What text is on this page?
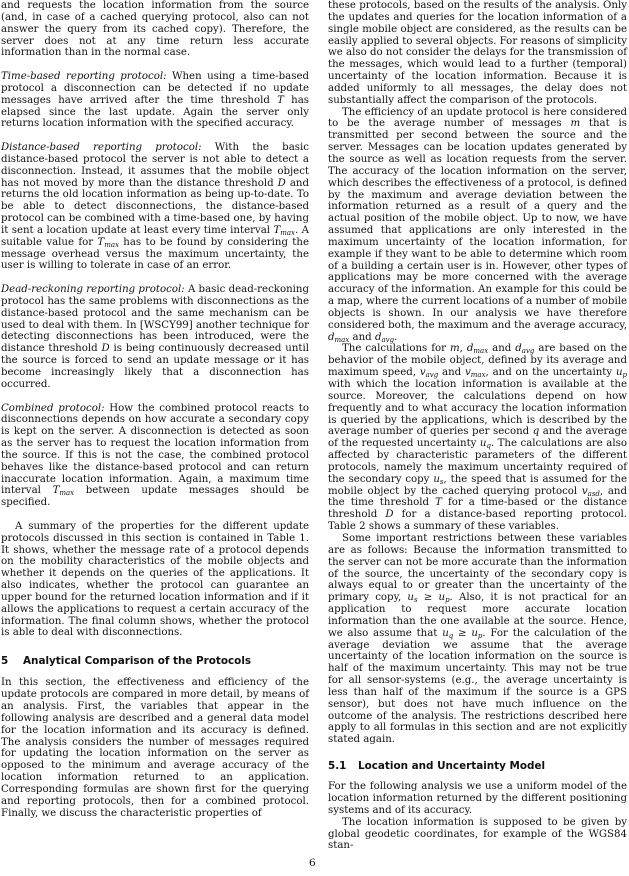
and requests the location information from the source (and, in case of a cached querying protocol, also can not answer the query from its cached copy). Therefore, the server does not at any time return less accurate information than in the normal case.

Time-based reporting protocol: When using a time-based protocol a disconnection can be detected if no update messages have arrived after the time threshold T has elapsed since the last update. Again the server only returns location information with the specified accuracy.

Distance-based reporting protocol: With the basic distance-based protocol the server is not able to detect a disconnection. Instead, it assumes that the mobile object has not moved by more than the distance threshold D and returns the old location information as being up-to-date. To be able to detect disconnections, the distance-based protocol can be combined with a time-based one, by having it sent a location update at least every time interval $T_{max}$. A suitable value for $T_{max}$ has to be found by considering the message overhead versus the maximum uncertainty, the user is willing to tolerate in case of an error.

Dead-reckoning reporting protocol: A basic dead-reckoning protocol has the same problems with disconnections as the distance-based protocol and the same mechanism can be used to deal with them. In [WSCY99] another technique for detecting disconnections has been introduced, were the distance threshold D is being continuously decreased until the source is forced to send an update message or it has become increasingly likely that a disconnection has occurred.

Combined protocol: How the combined protocol reacts to disconnections depends on how accurate a secondary copy is kept on the server. A disconnection is detected as soon as the server has to request the location information from the source. If this is not the case, the combined protocol behaves like the distance-based protocol and can return inaccurate location information. Again, a maximum time interval $T_{max}$ between update messages should be specified.

A summary of the properties for the different update protocols discussed in this section is contained in Table 1. It shows, whether the message rate of a protocol depends on the mobility characteristics of the mobile objects and whether it depends on the queries of the applications. It also indicates, whether the protocol can guarantee an upper bound for the returned location information and if it allows the applications to request a certain accuracy of the information. The final column shows, whether the protocol is able to deal with disconnections.

5 Analytical Comparison of the Protocols

In this section, the effectiveness and efficiency of the update protocols are compared in more detail, by means of an analysis. First, the variables that appear in the following analysis are described and a general data model for the location information and its accuracy is defined. The analysis considers the number of messages required for updating the location information on the server as opposed to the minimum and average accuracy of the location information returned to an application. Corresponding formulas are shown first for the querying and reporting protocols, then for a combined protocol. Finally, we discuss the characteristic properties of

these protocols, based on the results of the analysis. Only the updates and queries for the location information of a single mobile object are considered, as the results can be easily applied to several objects. For reasons of simplicity we also do not consider the delays for the transmission of the messages, which would lead to a further (temporal) uncertainty of the location information. Because it is added uniformly to all messages, the delay does not substantially affect the comparison of the protocols.

The efficiency of an update protocol is here considered to be the average number of messages m that is transmitted per second between the source and the server. Messages can be location updates generated by the source as well as location requests from the server. The accuracy of the location information on the server, which describes the effectiveness of a protocol, is defined by the maximum and average deviation between the information returned as a result of a query and the actual position of the mobile object. Up to now, we have assumed that applications are only interested in the maximum uncertainty of the location information, for example if they want to be able to determine which room of a building a certain user is in. However, other types of applications may be more concerned with the average accuracy of the information. An example for this could be a map, where the current locations of a number of mobile objects is shown. In our analysis we have therefore considered both, the maximum and the average accuracy, $d_{max}$ and $d_{avg}$.

The calculations for m, $d_{max}$ and $d_{avg}$ are based on the behavior of the mobile object, defined by its average and maximum speed, $v_{avg}$ and $v_{max}$, and on the uncertainty $u_p$ with which the location information is available at the source. Moreover, the calculations depend on how frequently and to what accuracy the location information is queried by the applications, which is described by the average number of queries per second q and the average of the requested uncertainty $u_q$. The calculations are also affected by characteristic parameters of the different protocols, namely the maximum uncertainty required of the secondary copy $u_s$, the speed that is assumed for the mobile object by the cached querying protocol $v_{asd}$, and the time threshold T for a time-based or the distance threshold D for a distance-based reporting protocol. Table 2 shows a summary of these variables.

Some important restrictions between these variables are as follows: Because the information transmitted to the server can not be more accurate than the information of the source, the uncertainty of the secondary copy is always equal to or greater than the uncertainty of the primary copy, $u_s \ge u_p$. Also, it is not practical for an application to request more accurate location information than the one available at the source. Hence, we also assume that $u_q \ge u_p$. For the calculation of the average deviation we assume that the average uncertainty of the location information on the source is half of the maximum uncertainty. This may not be true for all sensor-systems (e.g., the average uncertainty is less than half of the maximum if the source is a GPS sensor), but does not have much influence on the outcome of the analysis. The restrictions described here apply to all formulas in this section and are not explicitly stated again.

5.1 Location and Uncertainty Model

For the following analysis we use a uniform model of the location information returned by the different positioning systems and of its accuracy.

The location information is supposed to be given by global geodetic coordinates, for example of the WGS84 stan-

6
